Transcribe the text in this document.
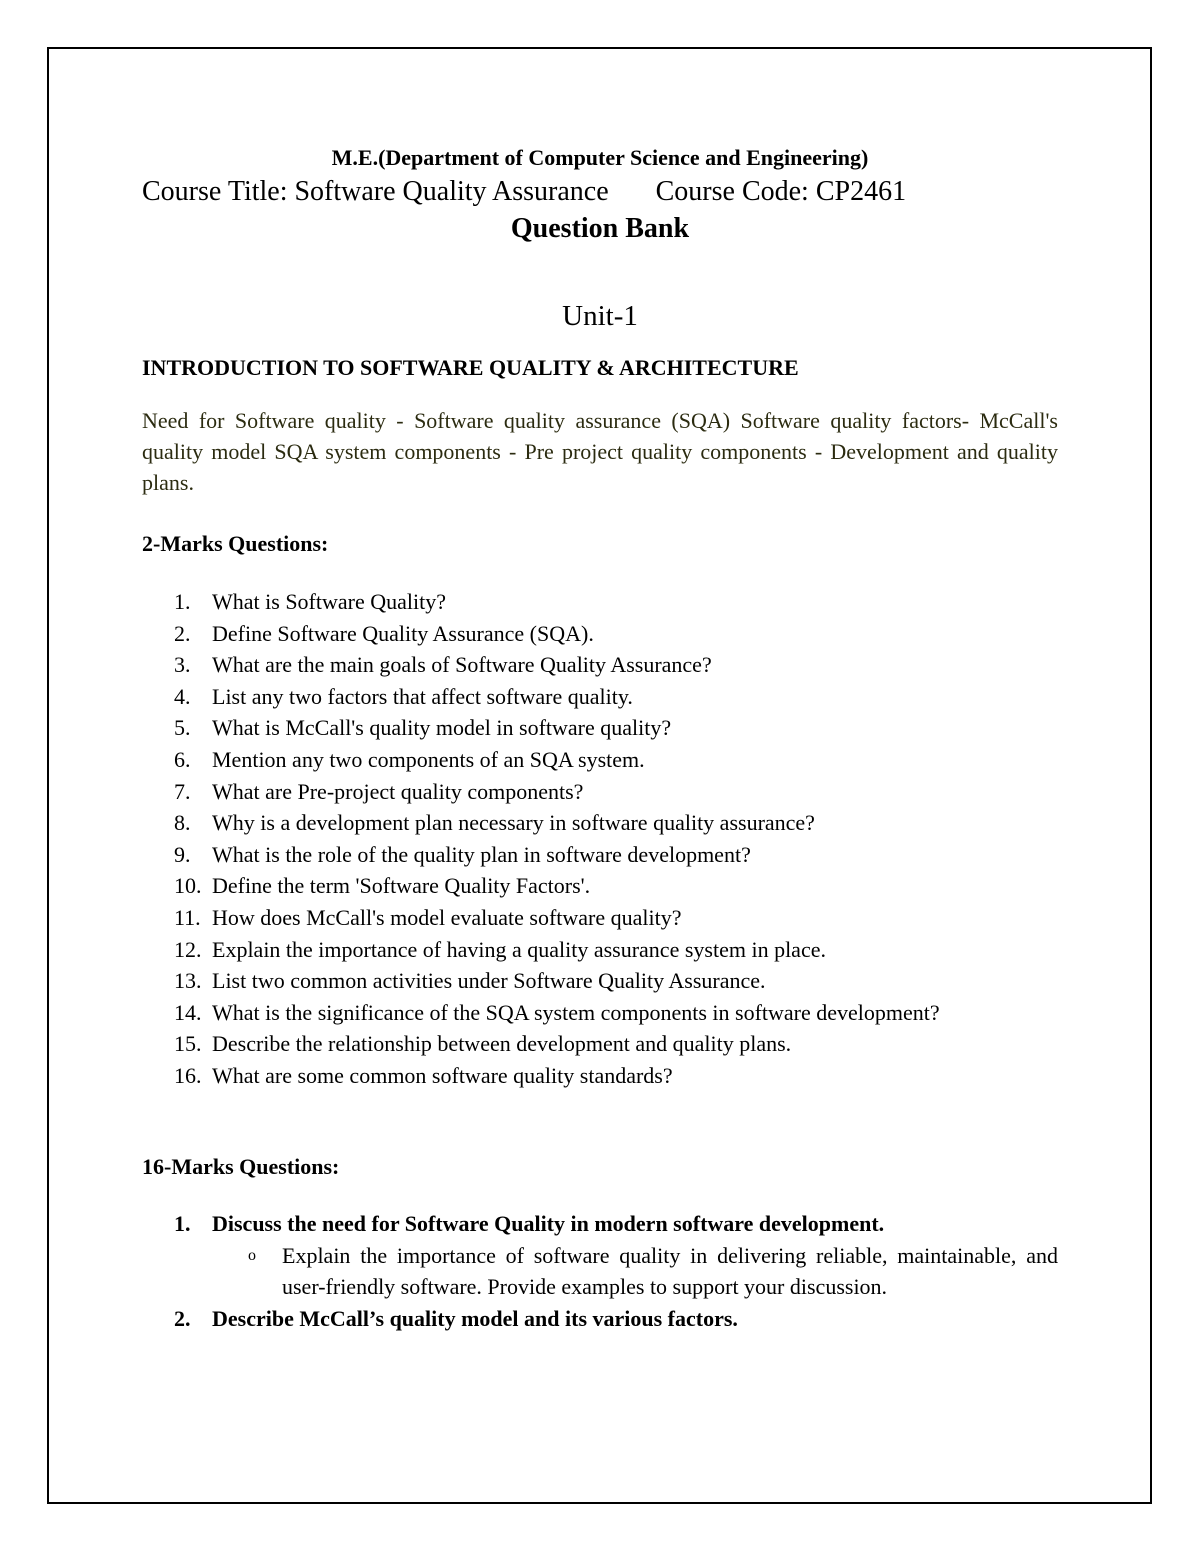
M.E.(Department of Computer Science and Engineering)
Course Title: Software Quality Assurance Course Code: CP2461
Question Bank
Unit-1
INTRODUCTION TO SOFTWARE QUALITY & ARCHITECTURE
Need for Software quality - Software quality assurance (SQA) Software quality factors- McCall's quality model SQA system components - Pre project quality components - Development and quality plans.
2-Marks Questions:
1. What is Software Quality?
2. Define Software Quality Assurance (SQA).
3. What are the main goals of Software Quality Assurance?
4. List any two factors that affect software quality.
5. What is McCall's quality model in software quality?
6. Mention any two components of an SQA system.
7. What are Pre-project quality components?
8. Why is a development plan necessary in software quality assurance?
9. What is the role of the quality plan in software development?
10. Define the term 'Software Quality Factors'.
11. How does McCall's model evaluate software quality?
12. Explain the importance of having a quality assurance system in place.
13. List two common activities under Software Quality Assurance.
14. What is the significance of the SQA system components in software development?
15. Describe the relationship between development and quality plans.
16. What are some common software quality standards?
16-Marks Questions:
1. Discuss the need for Software Quality in modern software development.
o Explain the importance of software quality in delivering reliable, maintainable, and user-friendly software. Provide examples to support your discussion.
2. Describe McCall’s quality model and its various factors.
